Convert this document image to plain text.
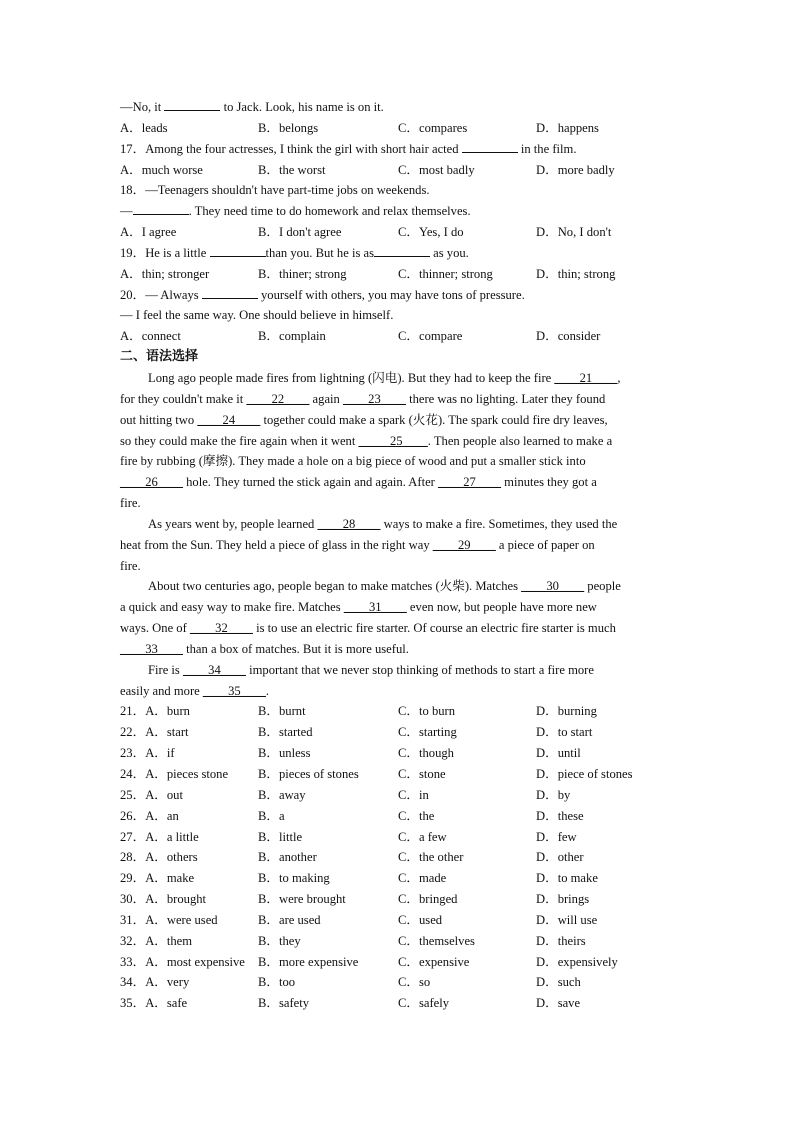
—No, it	to Jack. Look, his name is on it.
A．leads	B．belongs	C．compares	D．happens
17．Among the four actresses, I think the girl with short hair acted	in the film.
A．much worse	B．the worst	C．most badly	D．more badly
18．—Teenagers shouldn't have part-time jobs on weekends.
—	. They need time to do homework and relax themselves.
A．I agree	B．I don't agree	C．Yes, I do	D．No, I don't
19．He is a little	than you. But he is as	as you.
A．thin; stronger	B．thiner; strong	C．thinner; strong	D．thin; strong
20．— Always	yourself with others, you may have tons of pressure.
— I feel the same way. One should believe in himself.
A．connect	B．complain	C．compare	D．consider
二、语法选择
Long ago people made fires from lightning (闪电). But they had to keep the fire ____21____,
for they couldn't make it ____22____ again ____23____ there was no lighting. Later they found
out hitting two ____24____ together could make a spark (火花). The spark could fire dry leaves,
so they could make the fire again when it went _____25____. Then people also learned to make a
fire by rubbing (摩擦). They made a hole on a big piece of wood and put a smaller stick into
____26____ hole. They turned the stick again and again. After ____27____ minutes they got a
fire.
As years went by, people learned ____28____ ways to make a fire. Sometimes, they used the
heat from the Sun. They held a piece of glass in the right way ____29____ a piece of paper on
fire.
About two centuries ago, people began to make matches (火柴). Matches ____30____ people
a quick and easy way to make fire. Matches ____31____ even now, but people have more new
ways. One of ____32____ is to use an electric fire starter. Of course an electric fire starter is much
____33____ than a box of matches. But it is more useful.
Fire is ____34____ important that we never stop thinking of methods to start a fire more
easily and more ____35____.
21．A．burn	B．burnt	C．to burn	D．burning
22．A．start	B．started	C．starting	D．to start
23．A．if	B．unless	C．though	D．until
24．A．pieces stone B．pieces of stones	C．stone	D．piece of stones
25．A．out	B．away	C．in	D．by
26．A．an	B．a	C．the	D．these
27．A．a little	B．little	C．a few	D．few
28．A．others	B．another	C．the other	D．other
29．A．make	B．to making	C．made	D．to make
30．A．brought	B．were brought	C．bringed	D．brings
31．A．were used	B．are used	C．used	D．will use
32．A．them	B．they	C．themselves	D．theirs
33．A．most expensive B．more expensive	C．expensive	D．expensively
34．A．very	B．too	C．so	D．such
35．A．safe	B．safety	C．safely	D．save
